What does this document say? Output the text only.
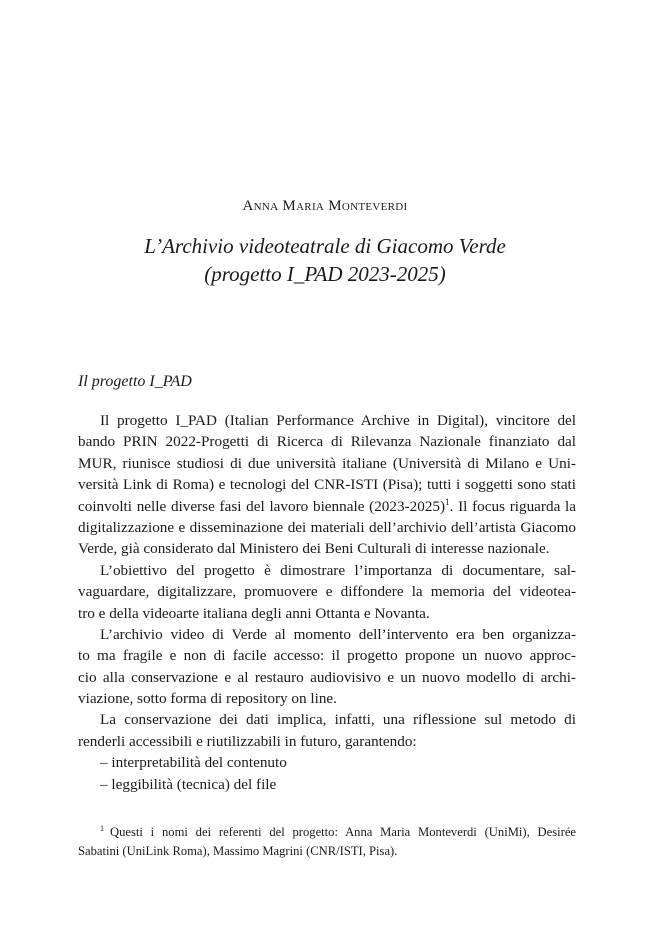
Anna Maria Monteverdi
L’Archivio videoteatrale di Giacomo Verde
(progetto I_PAD 2023-2025)
Il progetto I_PAD
Il progetto I_PAD (Italian Performance Archive in Digital), vincitore del
bando PRIN 2022-Progetti di Ricerca di Rilevanza Nazionale finanziato dal
MUR, riunisce studiosi di due università italiane (Università di Milano e Uni-
versità Link di Roma) e tecnologi del CNR-ISTI (Pisa); tutti i soggetti sono stati
coinvolti nelle diverse fasi del lavoro biennale (2023-2025)$^1$. Il focus riguarda la
digitalizzazione e disseminazione dei materiali dell’archivio dell’artista Giacomo
Verde, già considerato dal Ministero dei Beni Culturali di interesse nazionale.
L’obiettivo del progetto è dimostrare l’importanza di documentare, sal-
vaguardare, digitalizzare, promuovere e diffondere la memoria del videotea-
tro e della videoarte italiana degli anni Ottanta e Novanta.
L’archivio video di Verde al momento dell’intervento era ben organizza-
to ma fragile e non di facile accesso: il progetto propone un nuovo approc-
cio alla conservazione e al restauro audiovisivo e un nuovo modello di archi-
viazione, sotto forma di repository on line.
La conservazione dei dati implica, infatti, una riflessione sul metodo di
renderli accessibili e riutilizzabili in futuro, garantendo:
– interpretabilità del contenuto
– leggibilità (tecnica) del file
$^1$ Questi i nomi dei referenti del progetto: Anna Maria Monteverdi (UniMi), Desirée
Sabatini (UniLink Roma), Massimo Magrini (CNR/ISTI, Pisa).
